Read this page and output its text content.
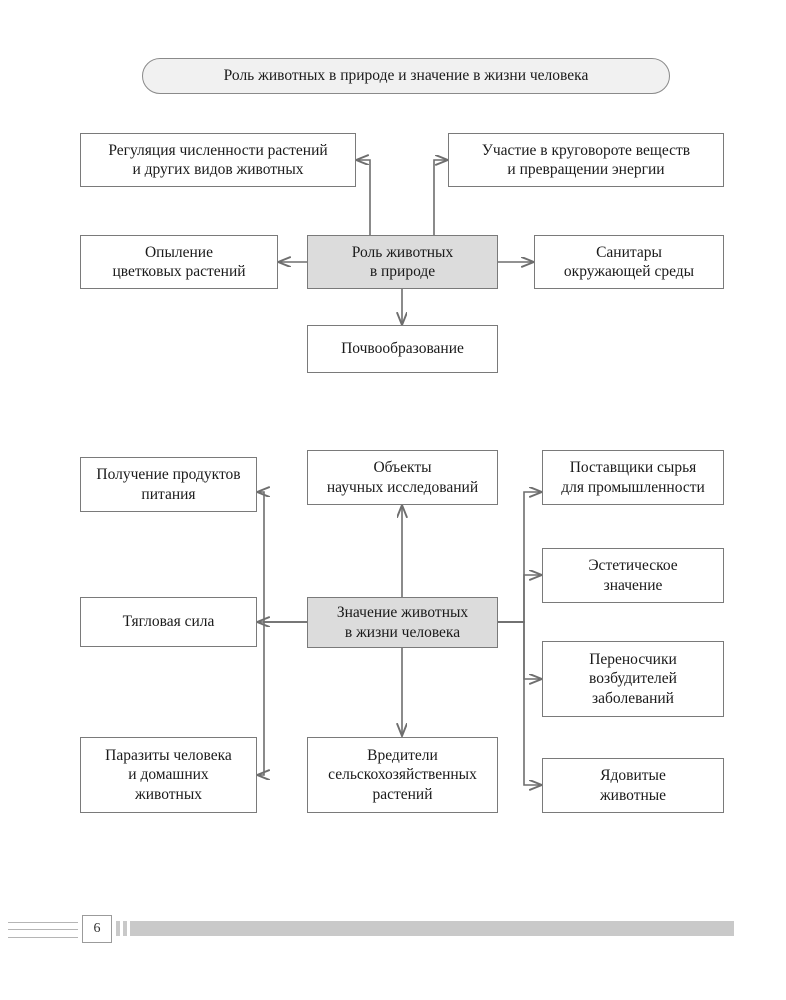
Роль животных в природе и значение в жизни человека
Регуляция численности растений
и других видов животных
Участие в круговороте веществ
и превращении энергии
Опыление
цветковых растений
Роль животных
в природе
Санитары
окружающей среды
Почвообразование
Получение продуктов
питания
Объекты
научных исследований
Поставщики сырья
для промышленности
Эстетическое
значение
Тягловая сила
Значение животных
в жизни человека
Переносчики
возбудителей
заболеваний
Паразиты человека
и домашних
животных
Вредители
сельскохозяйственных
растений
Ядовитые
животные
6
